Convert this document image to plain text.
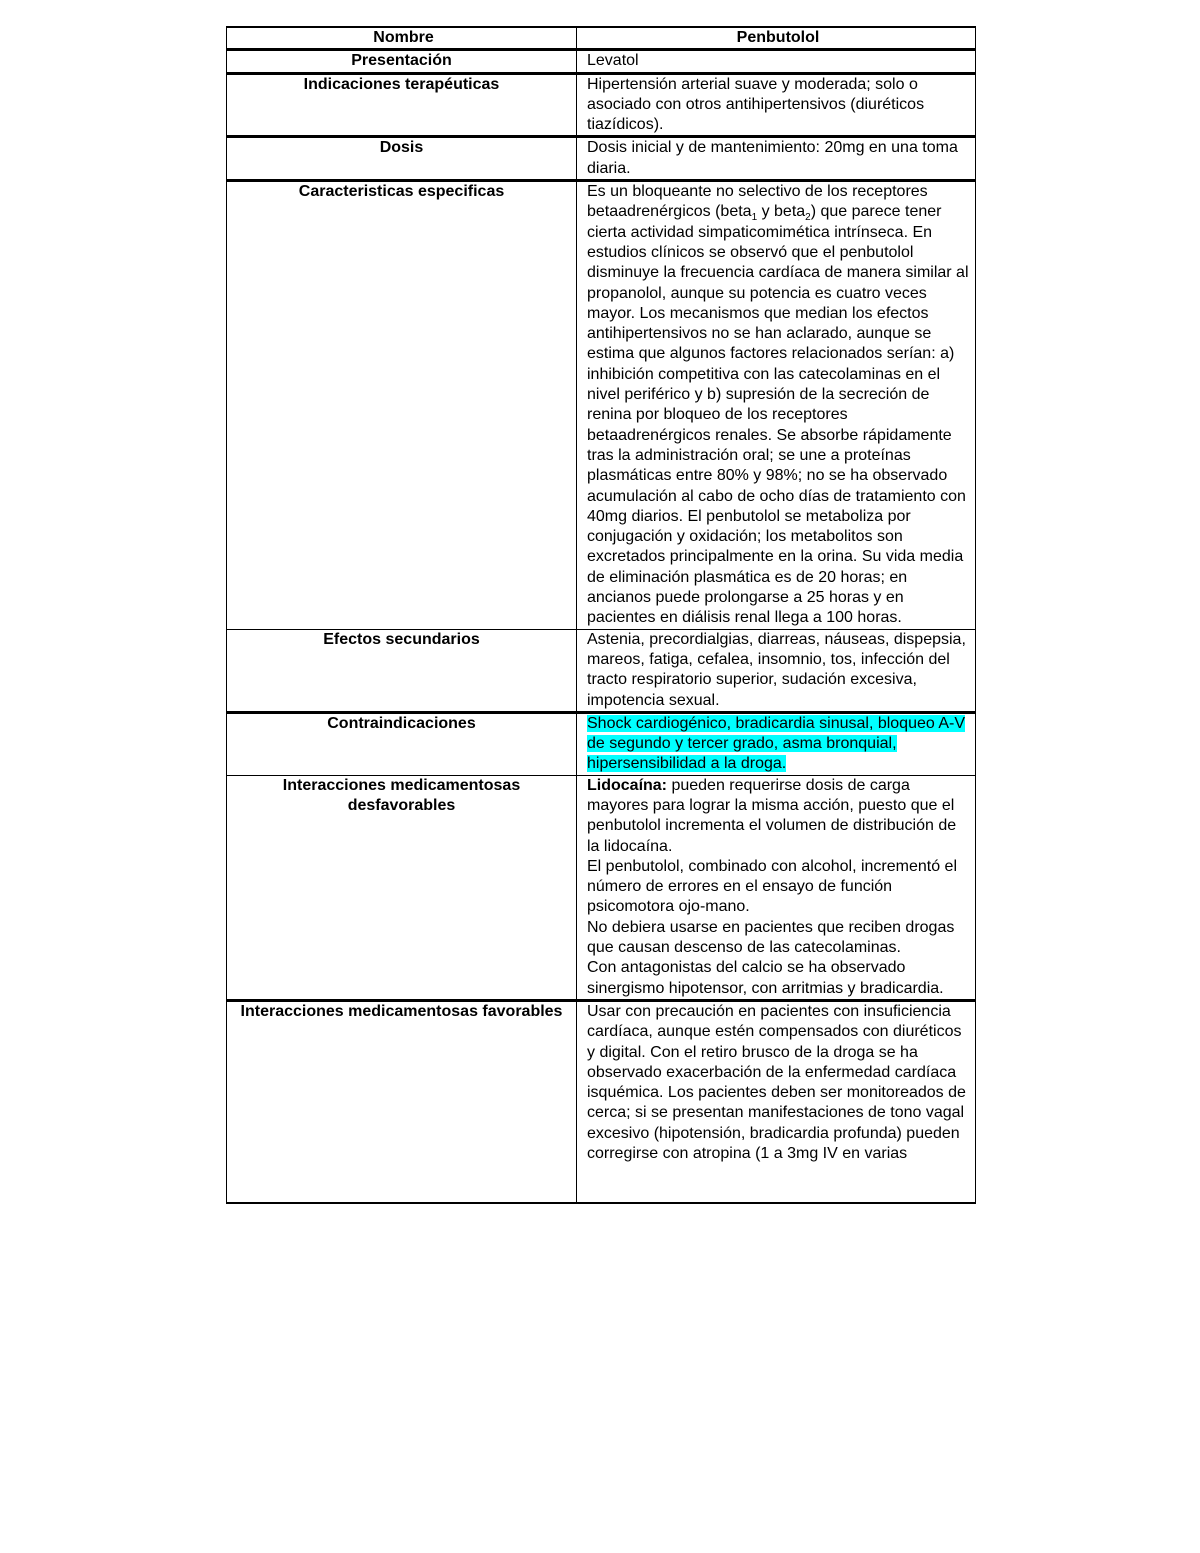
Nombre	Penbutolol
Presentación	Levatol
Indicaciones terapéuticas	Hipertensión arterial suave y moderada; solo o asociado con otros antihipertensivos (diuréticos tiazídicos).
Dosis	Dosis inicial y de mantenimiento: 20mg en una toma diaria.
Caracteristicas especificas	Es un bloqueante no selectivo de los receptores betaadrenérgicos (beta$_1$ y beta$_2$) que parece tener cierta actividad simpaticomimética intrínseca. En estudios clínicos se observó que el penbutolol disminuye la frecuencia cardíaca de manera similar al propanolol, aunque su potencia es cuatro veces mayor. Los mecanismos que median los efectos antihipertensivos no se han aclarado, aunque se estima que algunos factores relacionados serían: a) inhibición competitiva con las catecolaminas en el nivel periférico y b) supresión de la secreción de renina por bloqueo de los receptores betaadrenérgicos renales. Se absorbe rápidamente tras la administración oral; se une a proteínas plasmáticas entre 80% y 98%; no se ha observado acumulación al cabo de ocho días de tratamiento con 40mg diarios. El penbutolol se metaboliza por conjugación y oxidación; los metabolitos son excretados principalmente en la orina. Su vida media de eliminación plasmática es de 20 horas; en ancianos puede prolongarse a 25 horas y en pacientes en diálisis renal llega a 100 horas.
Efectos secundarios	Astenia, precordialgias, diarreas, náuseas, dispepsia, mareos, fatiga, cefalea, insomnio, tos, infección del tracto respiratorio superior, sudación excesiva, impotencia sexual.
Contraindicaciones	Shock cardiogénico, bradicardia sinusal, bloqueo A-V de segundo y tercer grado, asma bronquial, hipersensibilidad a la droga.
Interacciones medicamentosas desfavorables	Lidocaína: pueden requerirse dosis de carga mayores para lograr la misma acción, puesto que el penbutolol incrementa el volumen de distribución de la lidocaína.
El penbutolol, combinado con alcohol, incrementó el número de errores en el ensayo de función psicomotora ojo-mano.
No debiera usarse en pacientes que reciben drogas que causan descenso de las catecolaminas.
Con antagonistas del calcio se ha observado sinergismo hipotensor, con arritmias y bradicardia.

Interacciones medicamentosas favorables	Usar con precaución en pacientes con insuficiencia cardíaca, aunque estén compensados con diuréticos y digital. Con el retiro brusco de la droga se ha observado exacerbación de la enfermedad cardíaca isquémica. Los pacientes deben ser monitoreados de cerca; si se presentan manifestaciones de tono vagal excesivo (hipotensión, bradicardia profunda) pueden corregirse con atropina (1 a 3mg IV en varias
